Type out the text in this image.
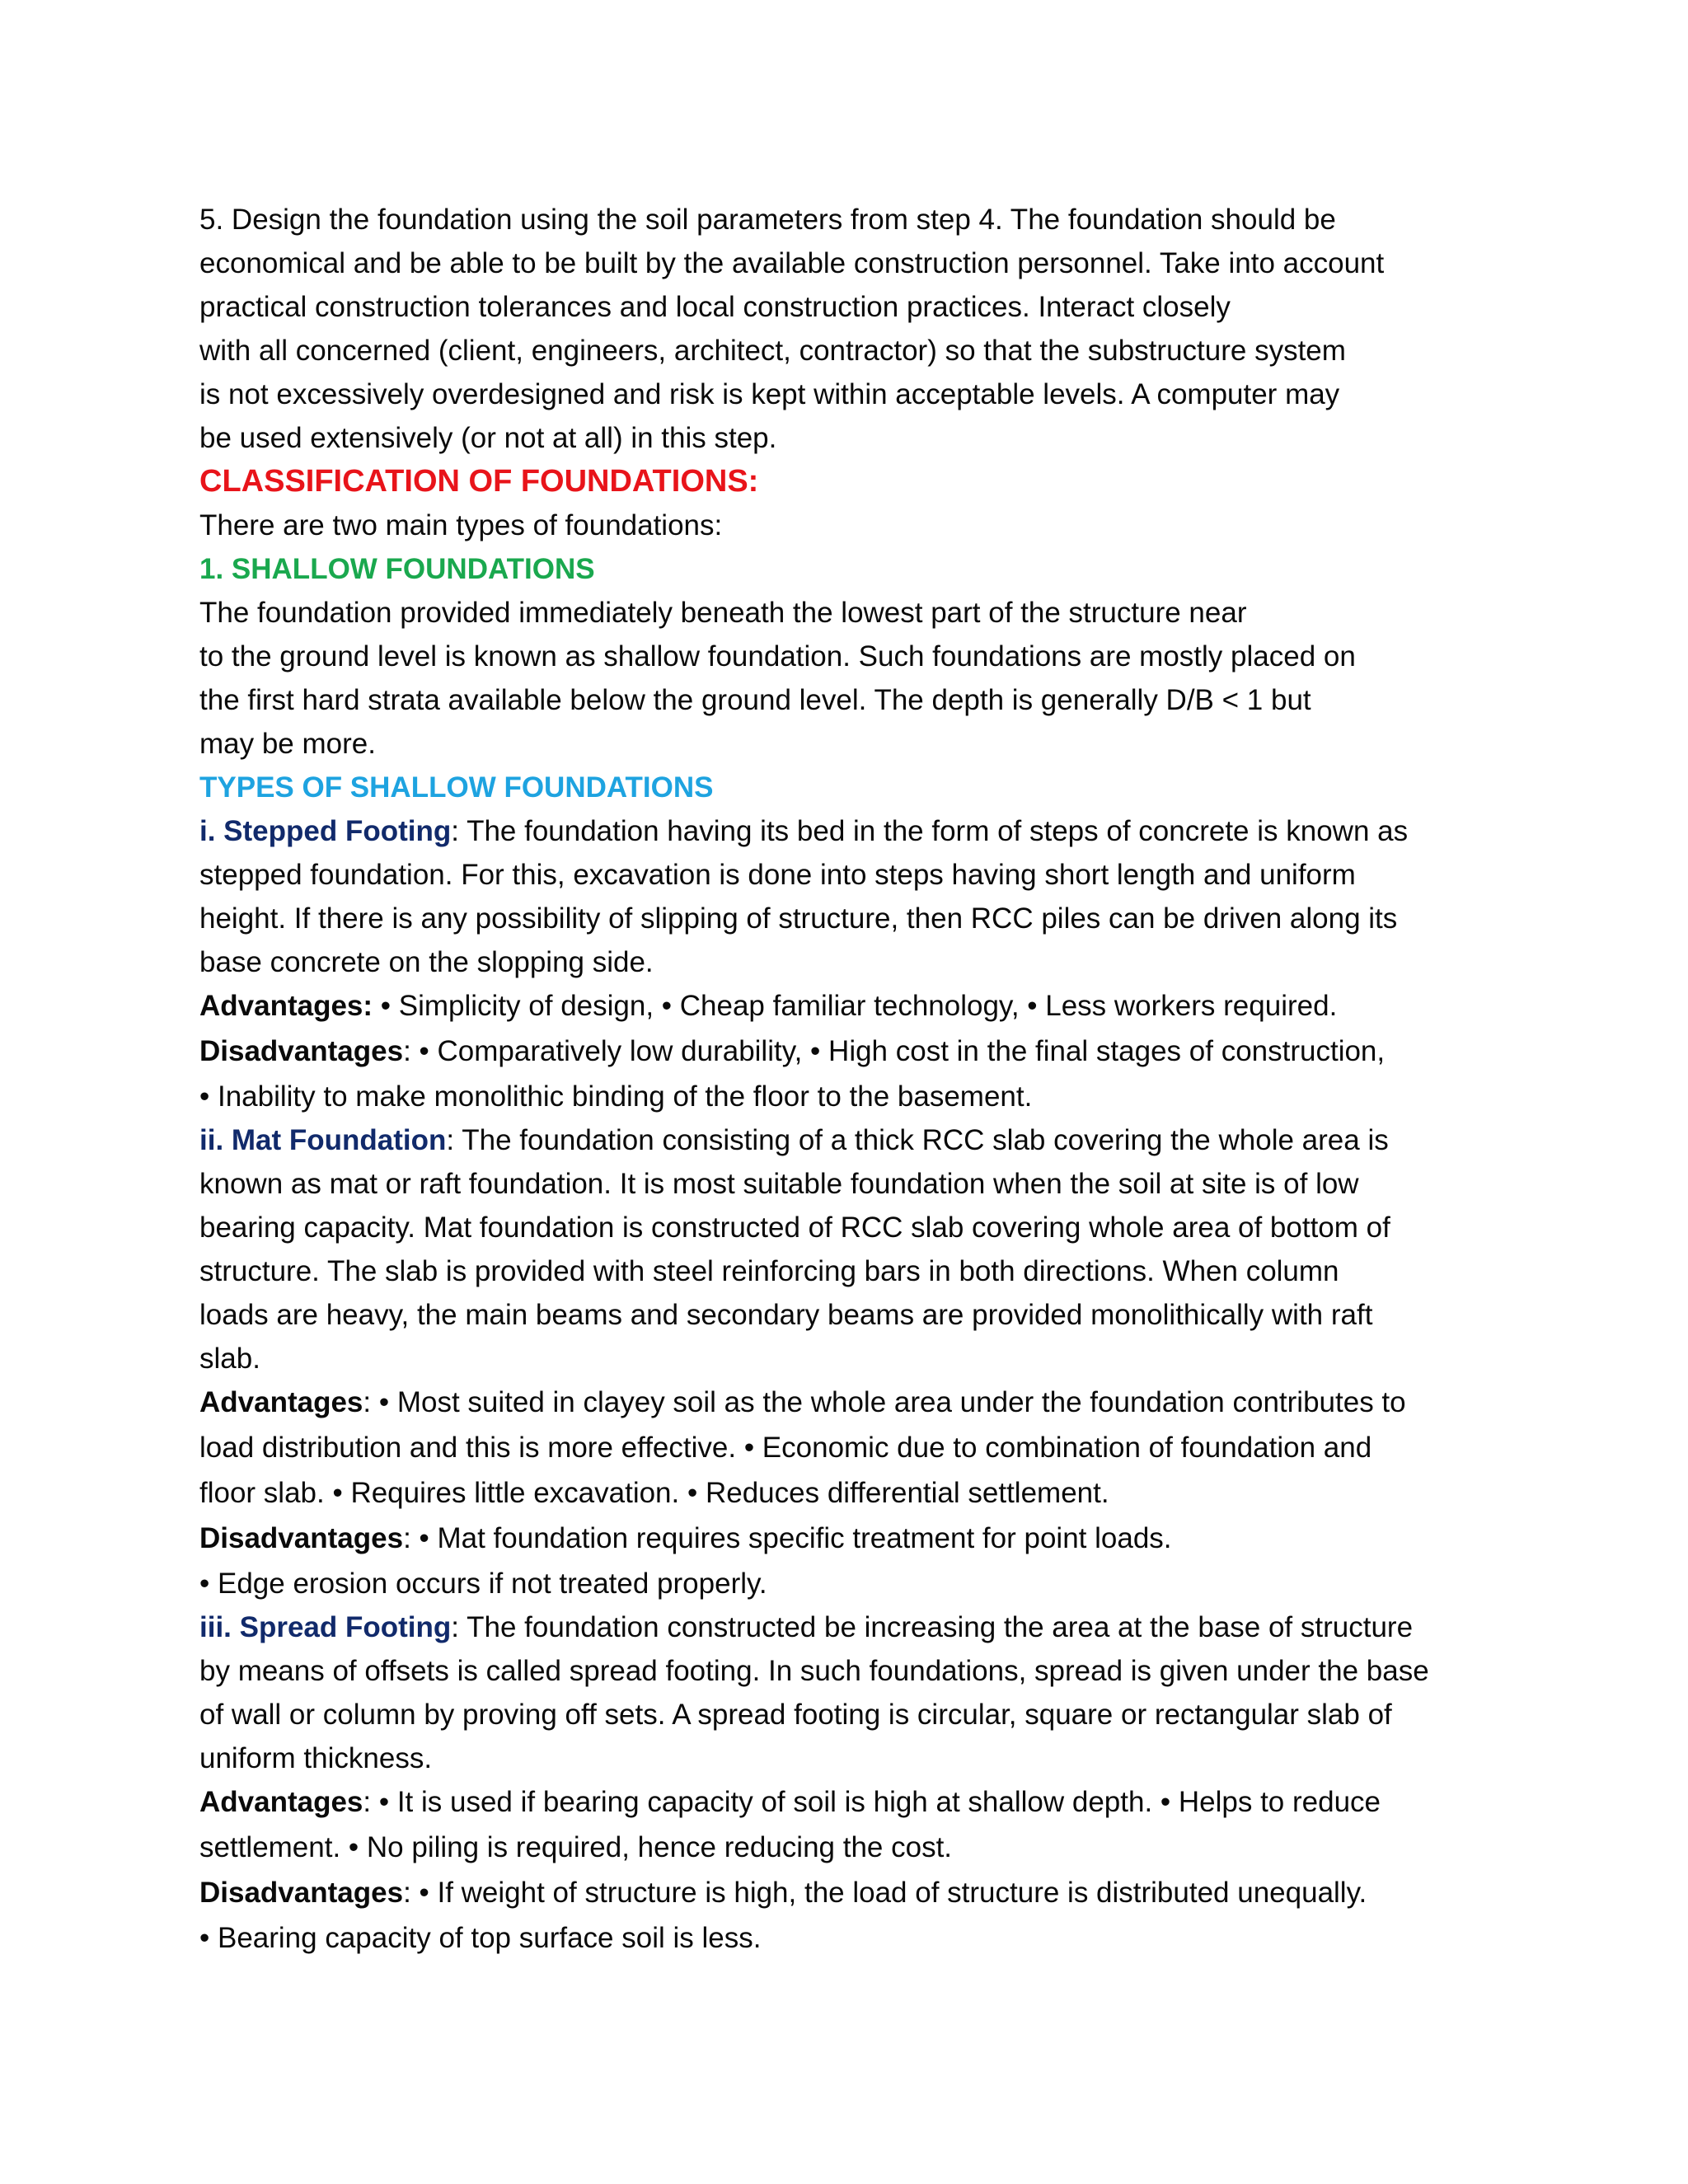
5. Design the foundation using the soil parameters from step 4. The foundation should be
economical and be able to be built by the available construction personnel. Take into account
practical construction tolerances and local construction practices. Interact closely
with all concerned (client, engineers, architect, contractor) so that the substructure system
is not excessively overdesigned and risk is kept within acceptable levels. A computer may
be used extensively (or not at all) in this step.
CLASSIFICATION OF FOUNDATIONS:
There are two main types of foundations:
1. SHALLOW FOUNDATIONS
The foundation provided immediately beneath the lowest part of the structure near
to the ground level is known as shallow foundation. Such foundations are mostly placed on
the first hard strata available below the ground level. The depth is generally D/B < 1 but
may be more.
TYPES OF SHALLOW FOUNDATIONS
i. Stepped Footing: The foundation having its bed in the form of steps of concrete is known as
stepped foundation. For this, excavation is done into steps having short length and uniform
height. If there is any possibility of slipping of structure, then RCC piles can be driven along its
base concrete on the slopping side.
Advantages: • Simplicity of design, • Cheap familiar technology, • Less workers required.
Disadvantages: • Comparatively low durability, • High cost in the final stages of construction,
• Inability to make monolithic binding of the floor to the basement.
ii. Mat Foundation: The foundation consisting of a thick RCC slab covering the whole area is
known as mat or raft foundation. It is most suitable foundation when the soil at site is of low
bearing capacity. Mat foundation is constructed of RCC slab covering whole area of bottom of
structure. The slab is provided with steel reinforcing bars in both directions. When column
loads are heavy, the main beams and secondary beams are provided monolithically with raft
slab.
Advantages: • Most suited in clayey soil as the whole area under the foundation contributes to
load distribution and this is more effective. • Economic due to combination of foundation and
floor slab. • Requires little excavation. • Reduces differential settlement.
Disadvantages: • Mat foundation requires specific treatment for point loads.
• Edge erosion occurs if not treated properly.
iii. Spread Footing: The foundation constructed be increasing the area at the base of structure
by means of offsets is called spread footing. In such foundations, spread is given under the base
of wall or column by proving off sets. A spread footing is circular, square or rectangular slab of
uniform thickness.
Advantages: • It is used if bearing capacity of soil is high at shallow depth. • Helps to reduce
settlement. • No piling is required, hence reducing the cost.
Disadvantages: • If weight of structure is high, the load of structure is distributed unequally.
• Bearing capacity of top surface soil is less.
